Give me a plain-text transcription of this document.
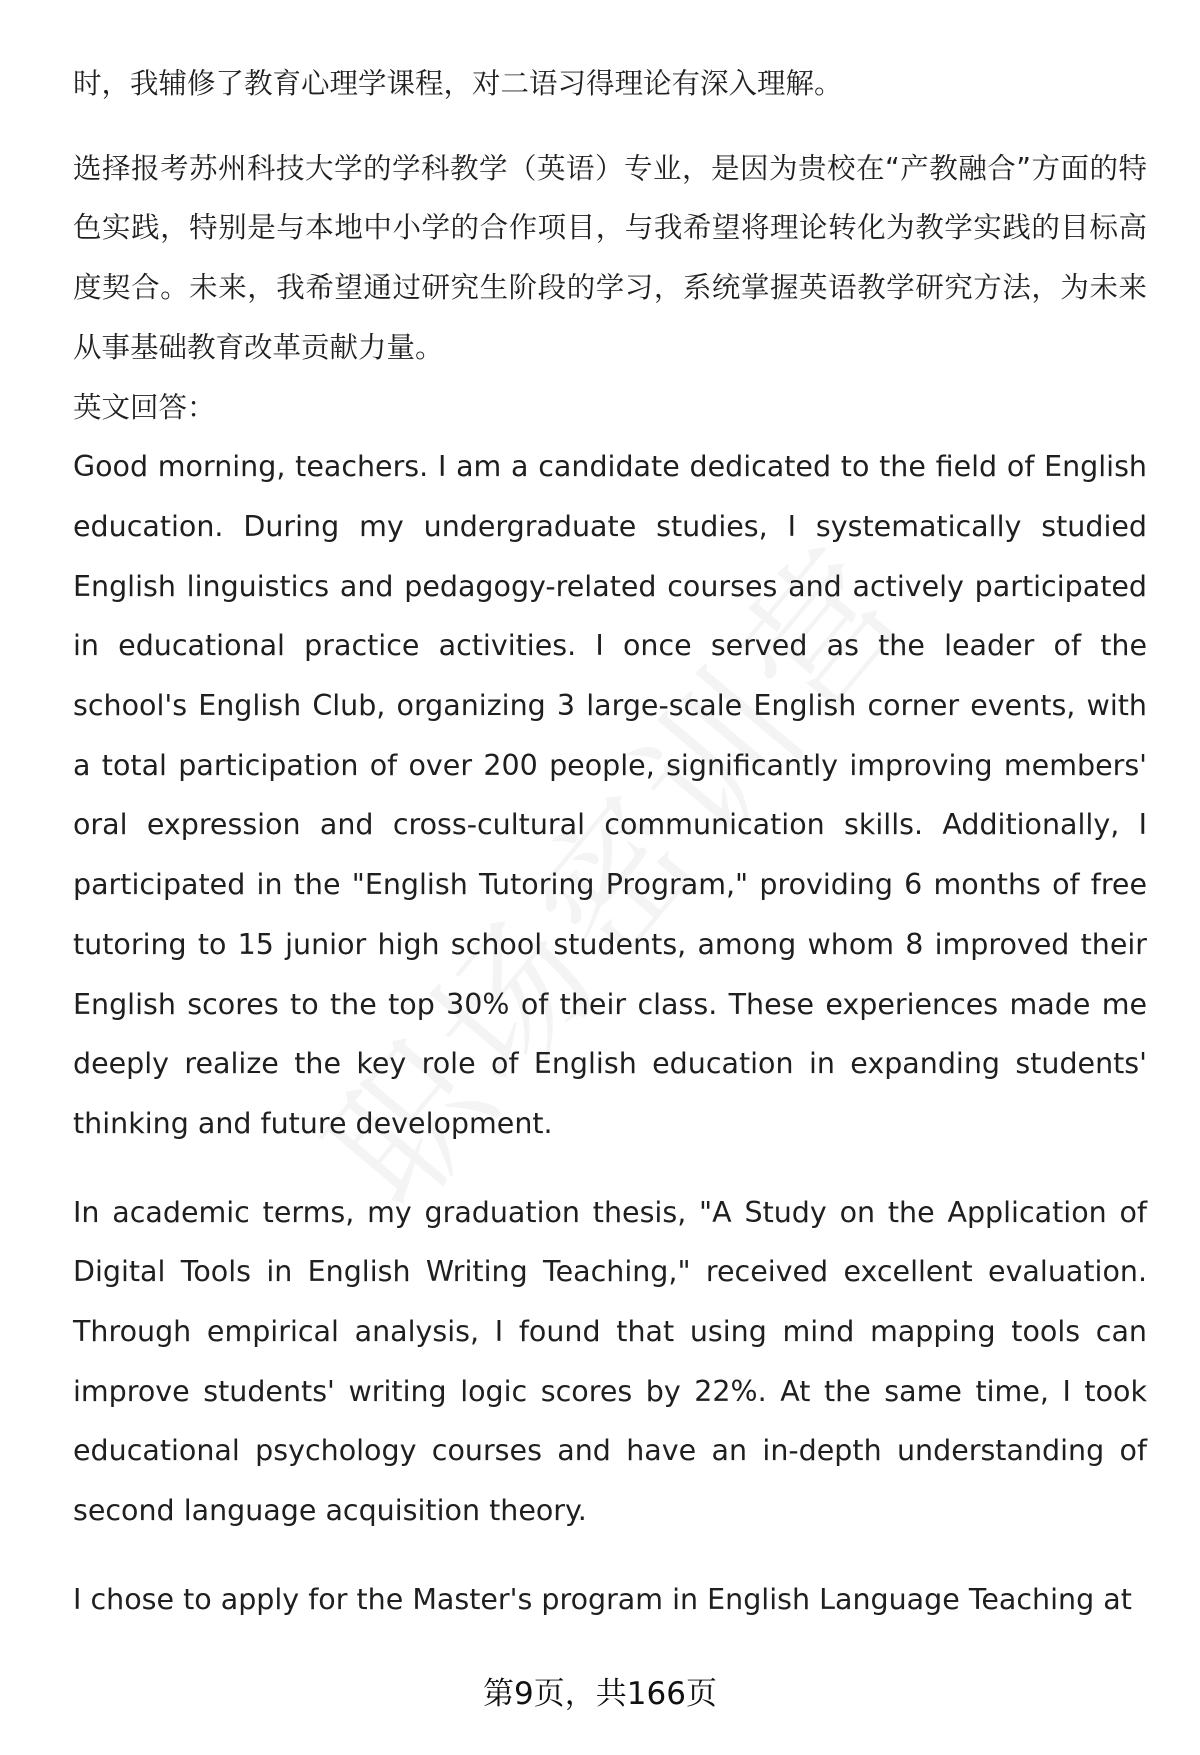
时，我辅修了教育心理学课程，对二语习得理论有深入理解。

选择报考苏州科技大学的学科教学（英语）专业，是因为贵校在“产教融合”方面的特色实践，特别是与本地中小学的合作项目，与我希望将理论转化为教学实践的目标高度契合。未来，我希望通过研究生阶段的学习，系统掌握英语教学研究方法，为未来从事基础教育改革贡献力量。

英文回答：

Good morning, teachers. I am a candidate dedicated to the field of English education. During my undergraduate studies, I systematically studied English linguistics and pedagogy-related courses and actively participated in educational practice activities. I once served as the leader of the school's English Club, organizing 3 large-scale English corner events, with a total participation of over 200 people, significantly improving members' oral expression and cross-cultural communication skills. Additionally, I participated in the "English Tutoring Program," providing 6 months of free tutoring to 15 junior high school students, among whom 8 improved their English scores to the top 30% of their class. These experiences made me deeply realize the key role of English education in expanding students' thinking and future development.

In academic terms, my graduation thesis, "A Study on the Application of Digital Tools in English Writing Teaching," received excellent evaluation. Through empirical analysis, I found that using mind mapping tools can improve students' writing logic scores by 22%. At the same time, I took educational psychology courses and have an in-depth understanding of second language acquisition theory.

I chose to apply for the Master's program in English Language Teaching at

第9页，共166页
